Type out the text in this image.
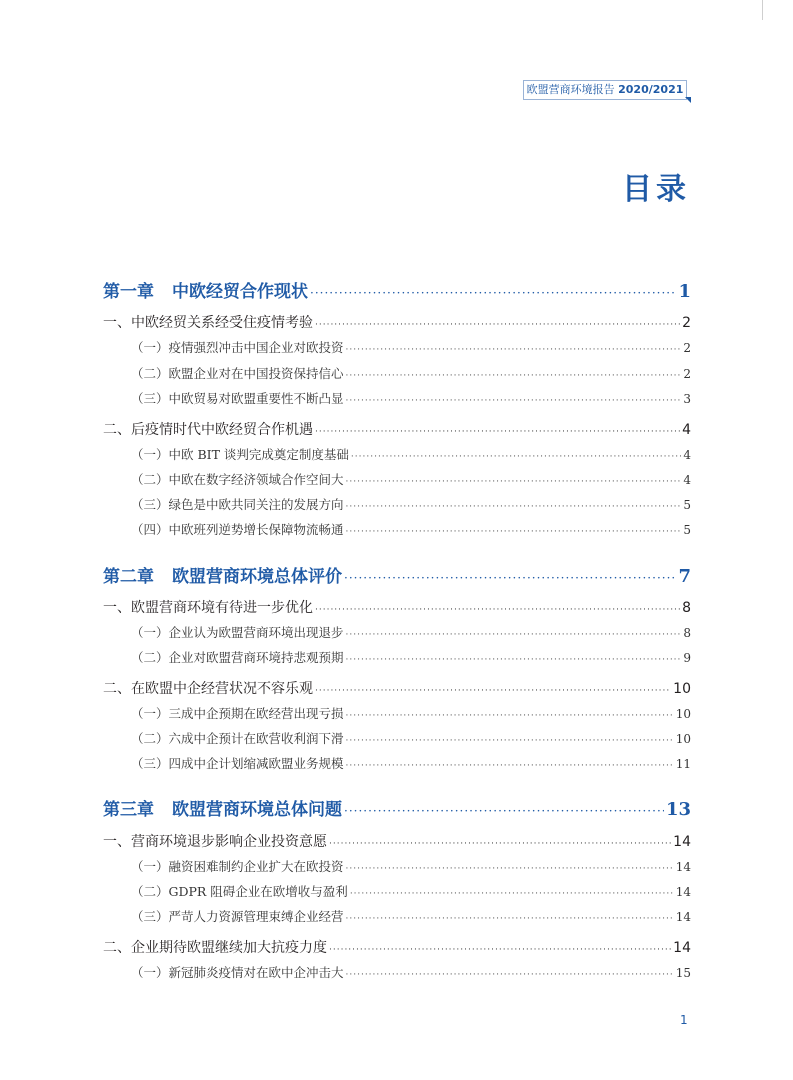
欧盟营商环境报告 2020/2021
目录
第一章 中欧经贸合作现状 ·····	1
一、中欧经贸关系经受住疫情考验 ·····	2
（一）疫情强烈冲击中国企业对欧投资 ·····	2
（二）欧盟企业对在中国投资保持信心 ·····	2
（三）中欧贸易对欧盟重要性不断凸显 ·····	3
二、后疫情时代中欧经贸合作机遇 ·····	4
（一）中欧 BIT 谈判完成奠定制度基础 ·····	4
（二）中欧在数字经济领域合作空间大 ·····	4
（三）绿色是中欧共同关注的发展方向 ·····	5
（四）中欧班列逆势增长保障物流畅通 ·····	5
第二章 欧盟营商环境总体评价 ·····	7
一、欧盟营商环境有待进一步优化 ·····	8
（一）企业认为欧盟营商环境出现退步 ·····	8
（二）企业对欧盟营商环境持悲观预期 ·····	9
二、在欧盟中企经营状况不容乐观 ·····	10
（一）三成中企预期在欧经营出现亏损 ·····	10
（二）六成中企预计在欧营收利润下滑 ·····	10
（三）四成中企计划缩减欧盟业务规模 ·····	11
第三章 欧盟营商环境总体问题 ·····	13
一、营商环境退步影响企业投资意愿 ·····	14
（一）融资困难制约企业扩大在欧投资 ·····	14
（二）GDPR 阻碍企业在欧增收与盈利 ·····	14
（三）严苛人力资源管理束缚企业经营 ·····	14
二、企业期待欧盟继续加大抗疫力度 ·····	14
（一）新冠肺炎疫情对在欧中企冲击大 ·····	15
1
